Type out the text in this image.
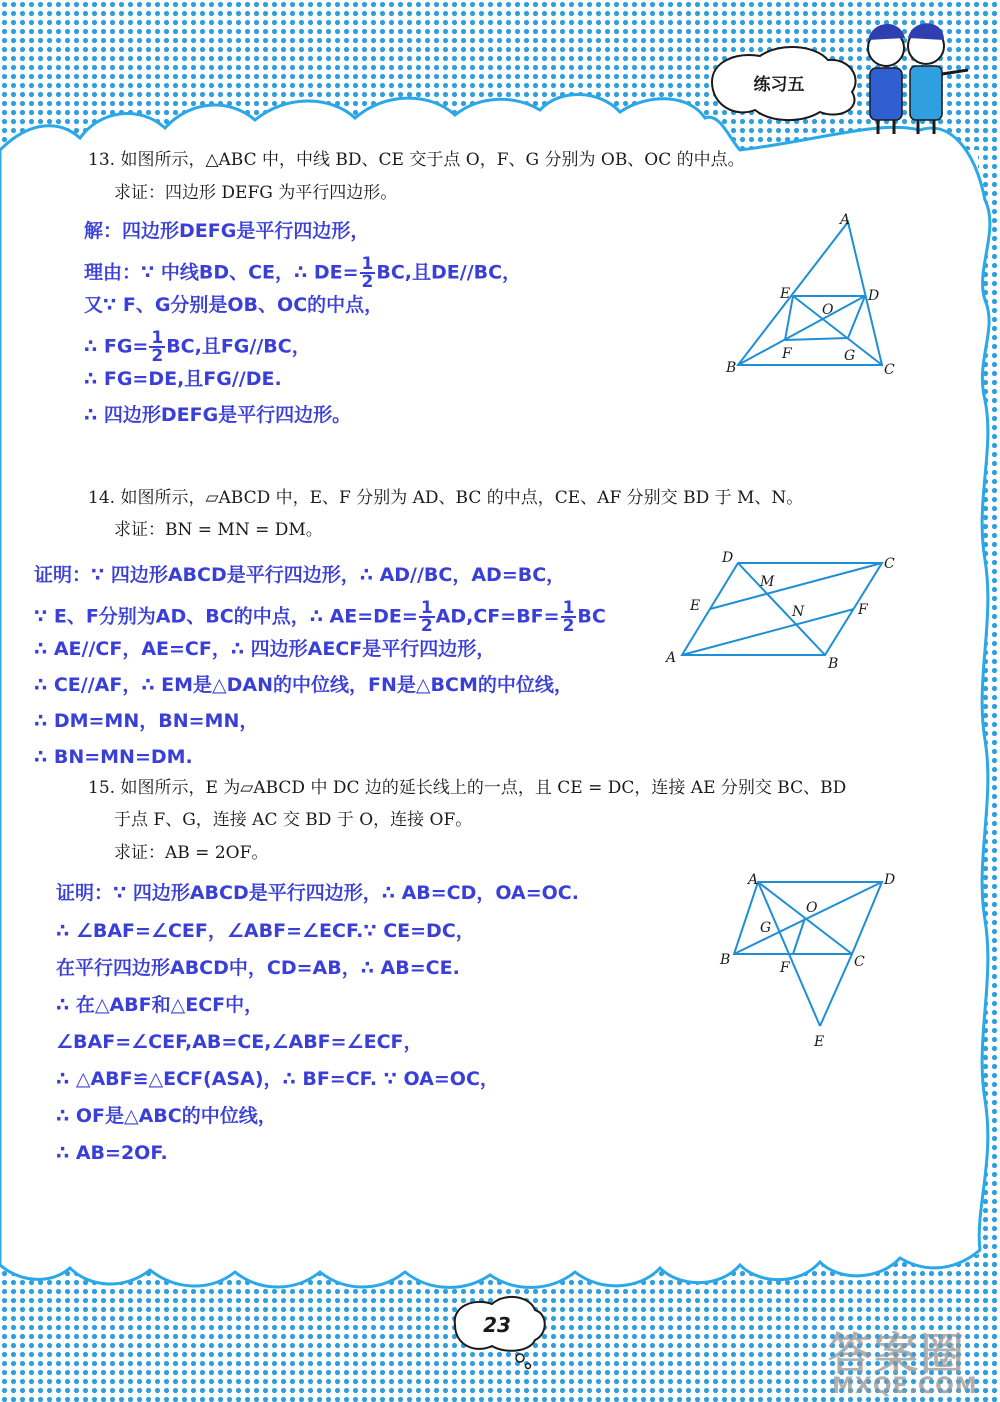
练习五
13. 如图所示，△ABC 中，中线 BD、CE 交于点 O，F、G 分别为 OB、OC 的中点。
求证：四边形 DEFG 为平行四边形。
解：四边形DEFG是平行四边形，
理由：∵ 中线BD、CE，∴ $DE= \frac{1}{2}$ BC,且DE//BC，
又∵ F、G分别是OB、OC的中点，
∴ $FG= \frac{1}{2}$ BC,且FG//BC，
∴ FG=DE,且FG//DE.
∴ 四边形DEFG是平行四边形。
A
B	C
D
E
F	G
O
14. 如图所示，▱ABCD 中，E、F 分别为 AD、BC 的中点，CE、AF 分别交 BD 于 M、N。
求证：BN = MN = DM。
证明：∵ 四边形ABCD是平行四边形，∴ AD//BC，AD=BC，
∵ E、F分别为AD、BC的中点，∴ $AE=DE= \frac{1}{2} AD,CF=BF= \frac{1}{2}$ BC
∴ AE//CF，AE=CF，∴ 四边形AECF是平行四边形，
∴ CE//AF，∴ EM是△DAN的中位线，FN是△BCM的中位线，
∴ DM=MN，BN=MN，
∴ BN=MN=DM.
A	B
C
D
E	F
M
N
15. 如图所示，E 为▱ABCD 中 DC 边的延长线上的一点，且 CE = DC，连接 AE 分别交 BC、BD
于点 F、G，连接 AC 交 BD 于 O，连接 OF。
求证：AB = 2OF。
证明：∵ 四边形ABCD是平行四边形，∴ AB=CD，OA=OC.
∴ ∠BAF=∠CEF，∠ABF=∠ECF.∵ CE=DC，
在平行四边形ABCD中，CD=AB，∴ AB=CE.
∴ 在△ABF和△ECF中，
∠BAF=∠CEF,AB=CE,∠ABF=∠ECF，
∴ △ABF≌△ECF(ASA)，∴ BF=CF. ∵ OA=OC，
∴ OF是△ABC的中位线，
∴ AB=2OF.
A
B	C
D
E
F
G
O
23
答案圈
MXQE.COM
